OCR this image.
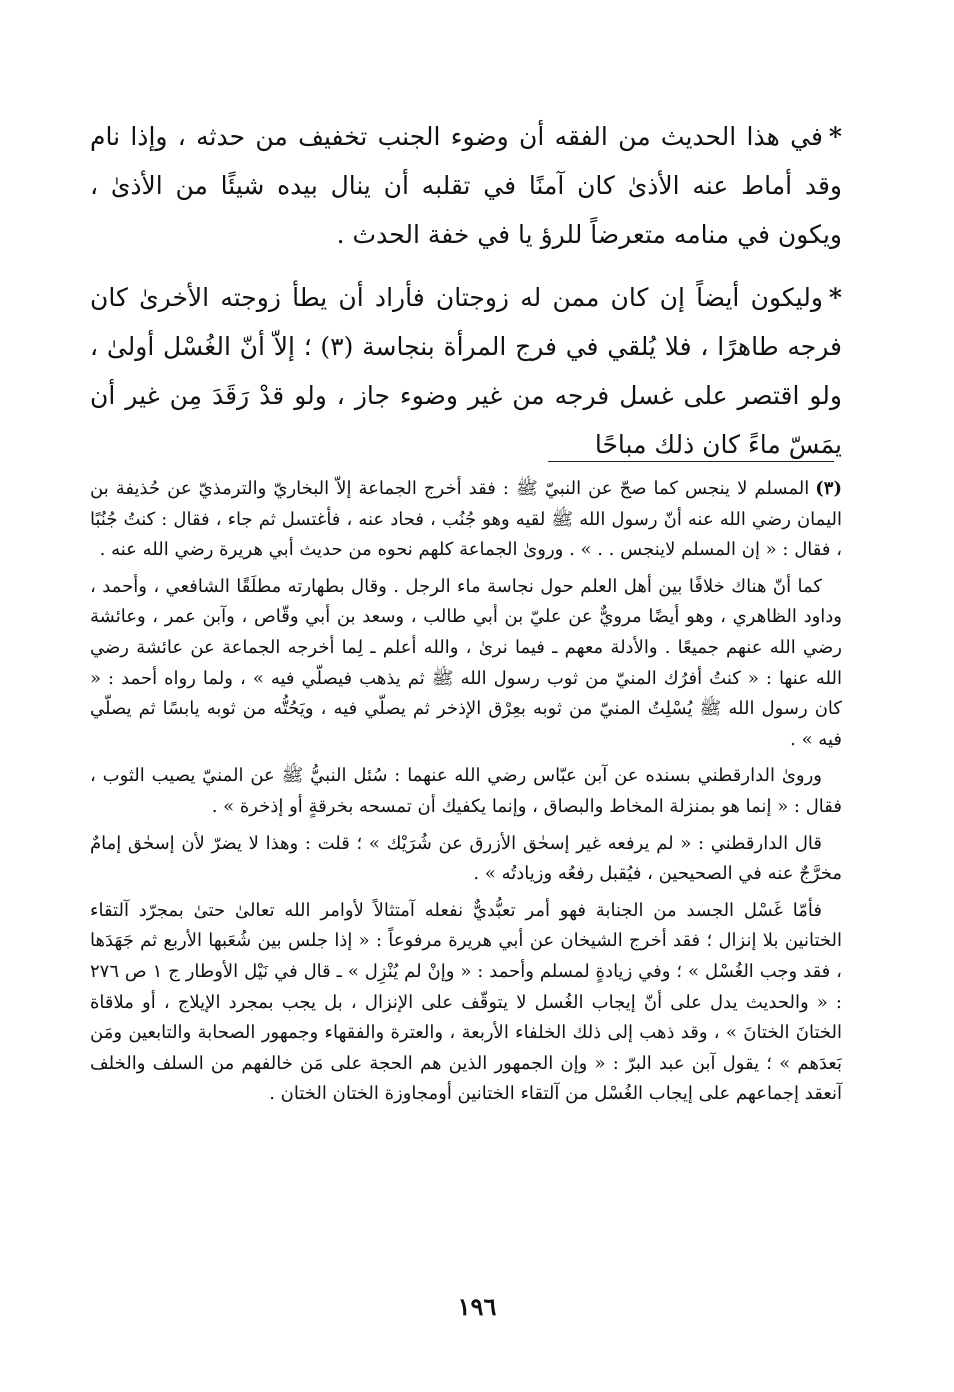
*في هذا الحديث من الفقه أن وضوء الجنب تخفيف من حدثه ، وإذا نام وقد أماط عنه الأذىٰ كان آمنًا في تقلبه أن ينال بيده شيئًا من الأذىٰ ، ويكون في منامه متعرضاً للرؤ يا في خفة الحدث .

*وليكون أيضاً إن كان ممن له زوجتان فأراد أن يطأ زوجته الأخرىٰ كان فرجه طاهرًا ، فلا يُلقي في فرج المرأة بنجاسة (٣) ؛ إلاّ أنّ الغُسْل أولىٰ ، ولو اقتصر على غسل فرجه من غير وضوء جاز ، ولو قدْ رَقَدَ مِن غير أن يمَسّ ماءً كان ذلك مباحًا

(٣)المسلم لا ينجس كما صحّ عن النبيّ ﷺ : فقد أخرج الجماعة إلاّ البخاريّ والترمذيّ عن حُذيفة بن اليمان رضي الله عنه أنّ رسول الله ﷺ لقيه وهو جُنُب ، فحاد عنه ، فأغتسل ثم جاء ، فقال : كنتُ جُنُبًا ، فقال : « إن المسلم لاينجس . . » . وروىٰ الجماعة كلهم نحوه من حديث أبي هريرة رضي الله عنه .

كما أنّ هناك خلافًا بين أهل العلم حول نجاسة ماء الرجل . وقال بطهارته مطلَقًا الشافعي ، وأحمد ، وداود الظاهري ، وهو أيضًا مرويٌّ عن عليّ بن أبي طالب ، وسعد بن أبي وقّاص ، وآبن عمر ، وعائشة رضي الله عنهم جميعًا . والأدلة معهم ـ فيما نرىٰ ، والله أعلم ـ لِما أخرجه الجماعة عن عائشة رضي الله عنها : « كنتُ أفرُك المنيّ من ثوب رسول الله ﷺ ثم يذهب فيصلّي فيه » ، ولما رواه أحمد : « كان رسول الله ﷺ يُسْلِتُ المنيّ من ثوبه بعِرْق الإذخر ثم يصلّي فيه ، ويَحُتُّه من ثوبه يابسًا ثم يصلّي فيه » .

وروىٰ الدارقطني بسنده عن آبن عبّاس رضي الله عنهما : سُئل النبيُّ ﷺ عن المنيّ يصيب الثوب ، فقال : « إنما هو بمنزلة المخاط والبصاق ، وإنما يكفيك أن تمسحه بخرقةٍ أو إذخرة » .

قال الدارقطني : « لم يرفعه غير إسحٰق الأزرق عن شُرَيْك » ؛ قلت : وهذا لا يضرّ لأن إسحٰق إمامٌ مخرَّجٌ عنه في الصحيحين ، فيُقبل رفعُه وزيادتُه » .

فأمّا غَسْل الجسد من الجنابة فهو أمر تعبُّديٌّ نفعله آمتثالاً لأوامر الله تعالىٰ حتىٰ بمجرّد آلتقاء الختانين بلا إنزال ؛ فقد أخرج الشيخان عن أبي هريرة مرفوعاً : « إذا جلس بين شُعَبها الأربع ثم جَهَدَها ، فقد وجب الغُسْل » ؛ وفي زيادةٍ لمسلم وأحمد : « وإنْ لم يُنْزِل » ـ قال في نَيْل الأوطار ج ١ ص ٢٧٦ : « والحديث يدل على أنّ إيجاب الغُسل لا يتوقّف على الإنزال ، بل يجب بمجرد الإيلاج ، أو ملاقاة الختانَ الختانَ » ، وقد ذهب إلى ذلك الخلفاء الأربعة ، والعترة والفقهاء وجمهور الصحابة والتابعين ومَن بَعدَهم » ؛ يقول آبن عبد البرّ : « وإن الجمهور الذين هم الحجة على مَن خالفهم من السلف والخلف آنعقد إجماعهم على إيجاب الغُسْل من آلتقاء الختانين أومجاوزة الختان الختان .

١٩٦
